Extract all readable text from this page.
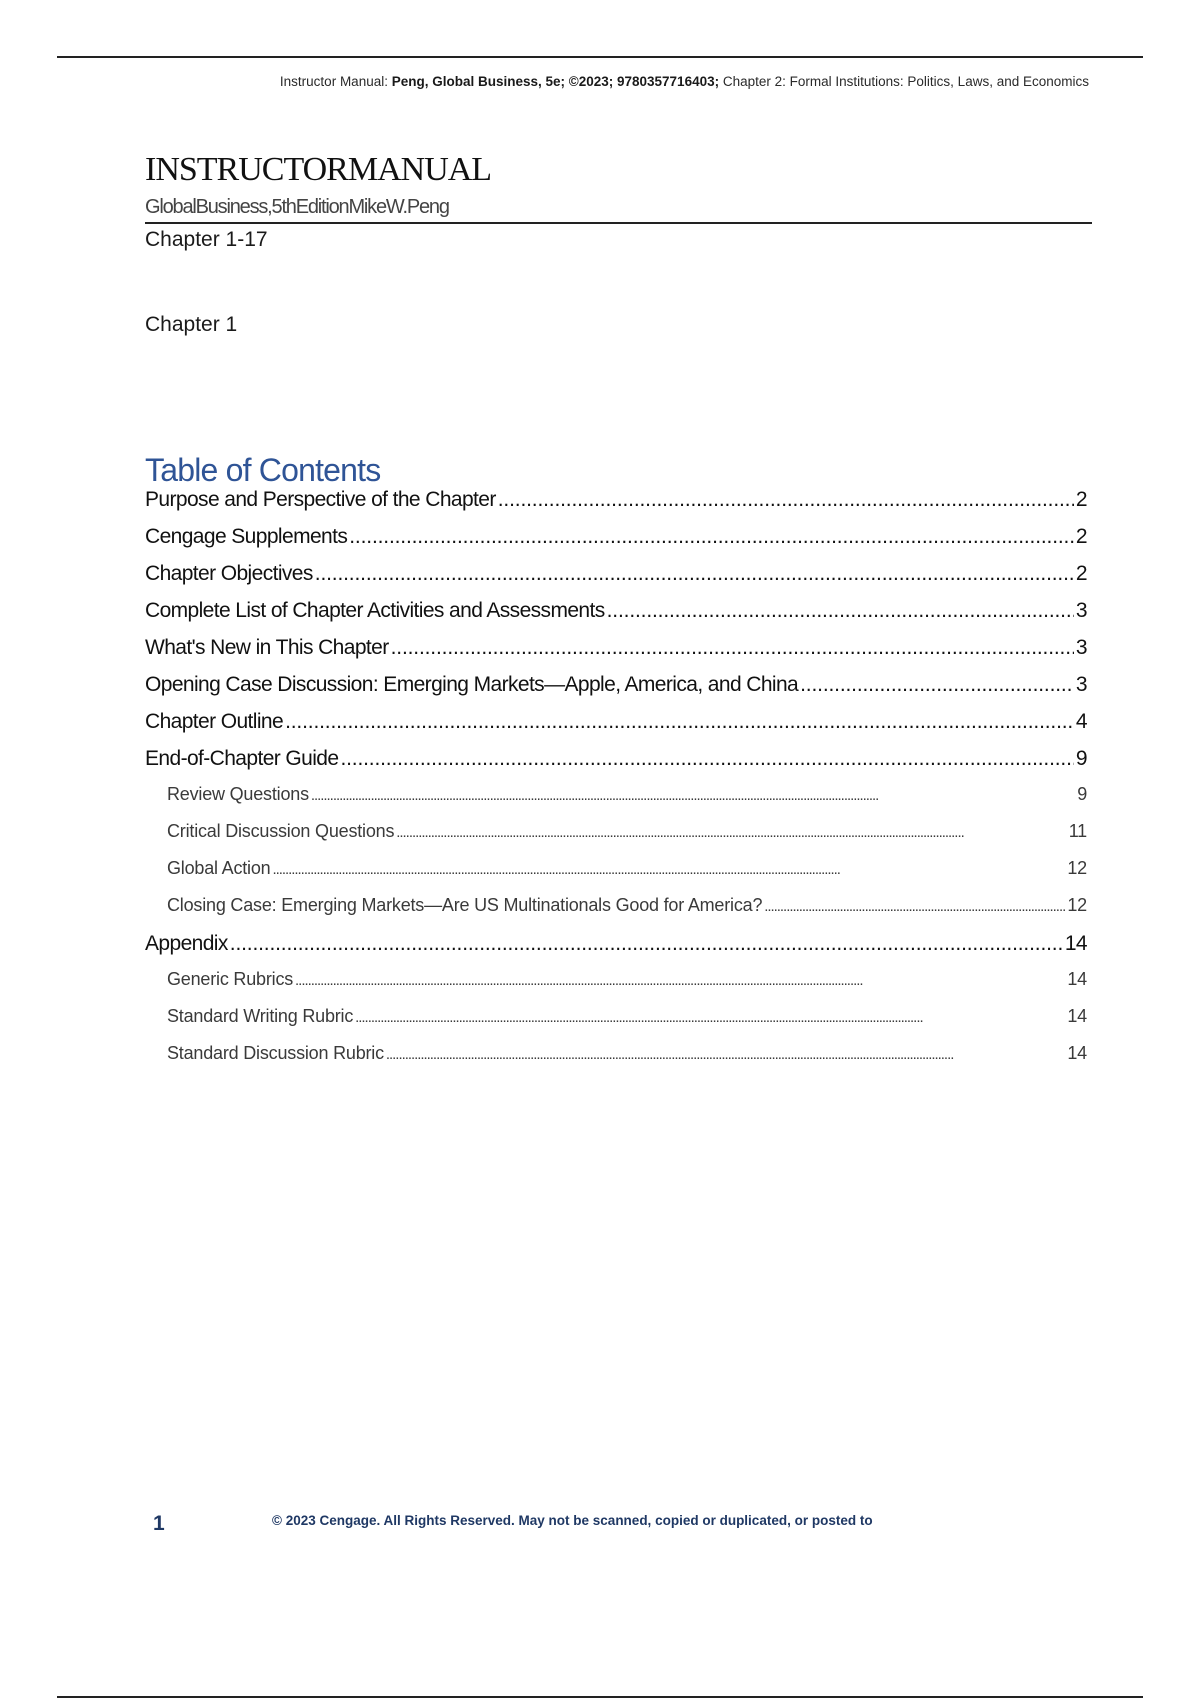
Instructor Manual: Peng, Global Business, 5e; ©2023; 9780357716403; Chapter 2: Formal Institutions: Politics, Laws, and Economics
INSTRUCTORMANUAL
GlobalBusiness,5thEditionMikeW.Peng
Chapter 1-17
Chapter 1
Table of Contents
Purpose and Perspective of the Chapter . . .	2
Cengage Supplements . . .	2
Chapter Objectives . . .	2
Complete List of Chapter Activities and Assessments . . .	3
What's New in This Chapter . . .	3
Opening Case Discussion: Emerging Markets—Apple, America, and China . . .	3
Chapter Outline . . .	4
End-of-Chapter Guide . . .	9
Review Questions . . .	9
Critical Discussion Questions . . .	11
Global Action . . .	12
Closing Case: Emerging Markets—Are US Multinationals Good for America? . . .	12
Appendix . . .	14
Generic Rubrics . . .	14
Standard Writing Rubric . . .	14
Standard Discussion Rubric . . .	14
1	© 2023 Cengage. All Rights Reserved. May not be scanned, copied or duplicated, or posted to
